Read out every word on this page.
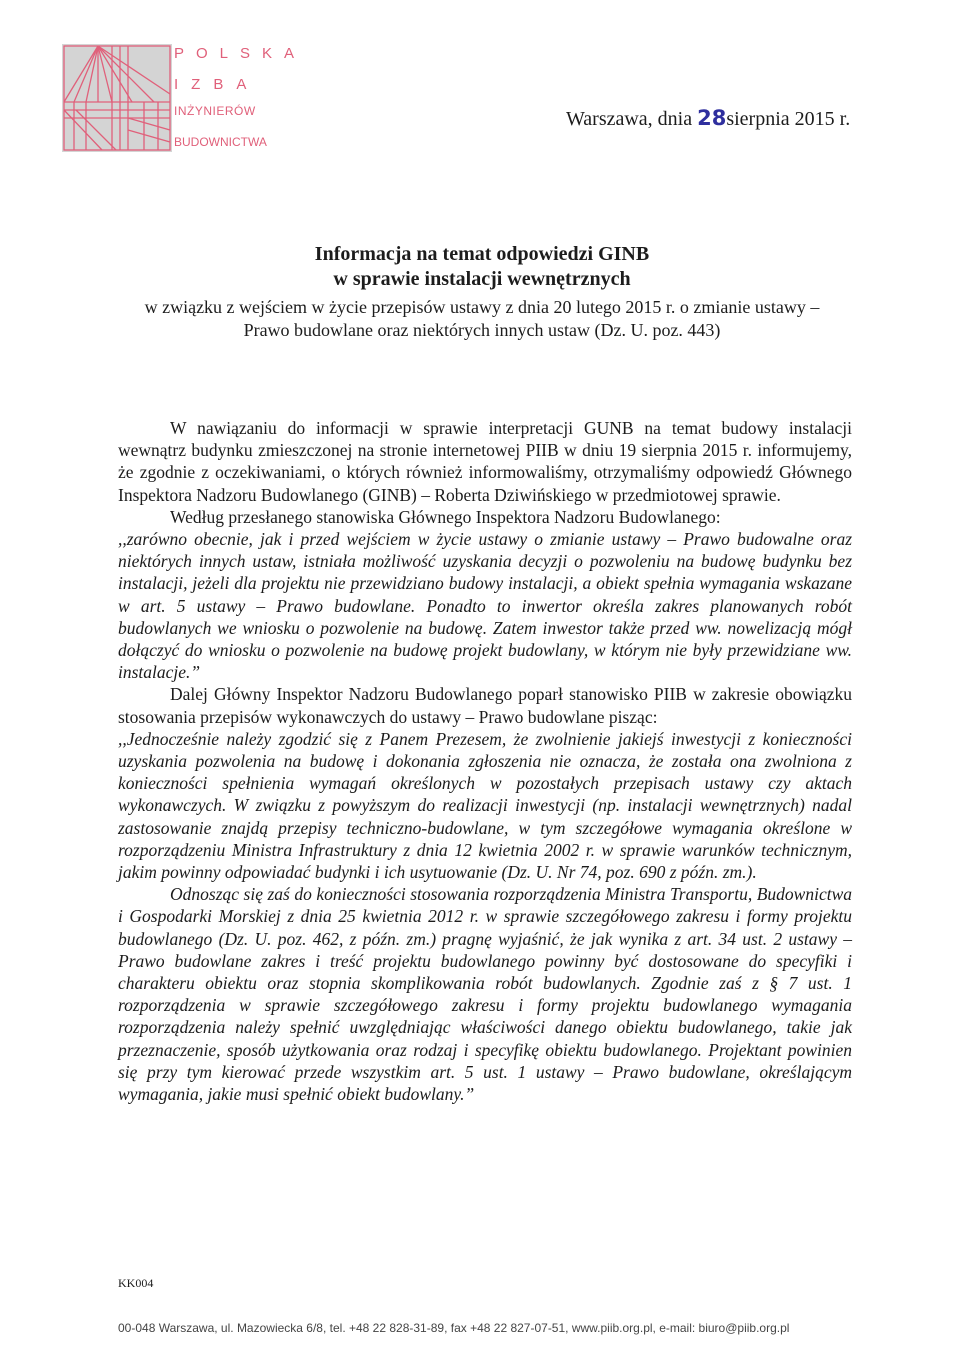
POLSKA
IZBA
INŻYNIERÓW
BUDOWNICTWA
Warszawa, dnia 28sierpnia 2015 r.
Informacja na temat odpowiedzi GINB
w sprawie instalacji wewnętrznych
w związku z wejściem w życie przepisów ustawy z dnia 20 lutego 2015 r. o zmianie ustawy –
Prawo budowlane oraz niektórych innych ustaw (Dz. U. poz. 443)

W nawiązaniu do informacji w sprawie interpretacji GUNB na temat budowy instalacji wewnątrz budynku zmieszczonej na stronie internetowej PIIB w dniu 19 sierpnia 2015 r. informujemy, że zgodnie z oczekiwaniami, o których również informowaliśmy, otrzymaliśmy odpowiedź Głównego Inspektora Nadzoru Budowlanego (GINB) – Roberta Dziwińskiego w przedmiotowej sprawie.

Według przesłanego stanowiska Głównego Inspektora Nadzoru Budowlanego:

,,zarówno obecnie, jak i przed wejściem w życie ustawy o zmianie ustawy – Prawo budowalne oraz niektórych innych ustaw, istniała możliwość uzyskania decyzji o pozwoleniu na budowę budynku bez instalacji, jeżeli dla projektu nie przewidziano budowy instalacji, a obiekt spełnia wymagania wskazane w art. 5 ustawy – Prawo budowlane. Ponadto to inwertor określa zakres planowanych robót budowlanych we wniosku o pozwolenie na budowę. Zatem inwestor także przed ww. nowelizacją mógł dołączyć do wniosku o pozwolenie na budowę projekt budowlany, w którym nie były przewidziane ww. instalacje.”

Dalej Główny Inspektor Nadzoru Budowlanego poparł stanowisko PIIB w zakresie obowiązku stosowania przepisów wykonawczych do ustawy – Prawo budowlane pisząc:

,,Jednocześnie należy zgodzić się z Panem Prezesem, że zwolnienie jakiejś inwestycji z konieczności uzyskania pozwolenia na budowę i dokonania zgłoszenia nie oznacza, że została ona zwolniona z konieczności spełnienia wymagań określonych w pozostałych przepisach ustawy czy aktach wykonawczych. W związku z powyższym do realizacji inwestycji (np. instalacji wewnętrznych) nadal zastosowanie znajdą przepisy techniczno-budowlane, w tym szczegółowe wymagania określone w rozporządzeniu Ministra Infrastruktury z dnia 12 kwietnia 2002 r. w sprawie warunków technicznym, jakim powinny odpowiadać budynki i ich usytuowanie (Dz. U. Nr 74, poz. 690 z późn. zm.).

Odnosząc się zaś do konieczności stosowania rozporządzenia Ministra Transportu, Budownictwa i Gospodarki Morskiej z dnia 25 kwietnia 2012 r. w sprawie szczegółowego zakresu i formy projektu budowlanego (Dz. U. poz. 462, z późn. zm.) pragnę wyjaśnić, że jak wynika z art. 34 ust. 2 ustawy – Prawo budowlane zakres i treść projektu budowlanego powinny być dostosowane do specyfiki i charakteru obiektu oraz stopnia skomplikowania robót budowlanych. Zgodnie zaś z § 7 ust. 1 rozporządzenia w sprawie szczegółowego zakresu i formy projektu budowlanego wymagania rozporządzenia należy spełnić uwzględniając właściwości danego obiektu budowlanego, takie jak przeznaczenie, sposób użytkowania oraz rodzaj i specyfikę obiektu budowlanego. Projektant powinien się przy tym kierować przede wszystkim art. 5 ust. 1 ustawy – Prawo budowlane, określającym wymagania, jakie musi spełnić obiekt budowlany.”

KK004
00-048 Warszawa, ul. Mazowiecka 6/8, tel. +48 22 828-31-89, fax +48 22 827-07-51, www.piib.org.pl, e-mail: biuro@piib.org.pl
